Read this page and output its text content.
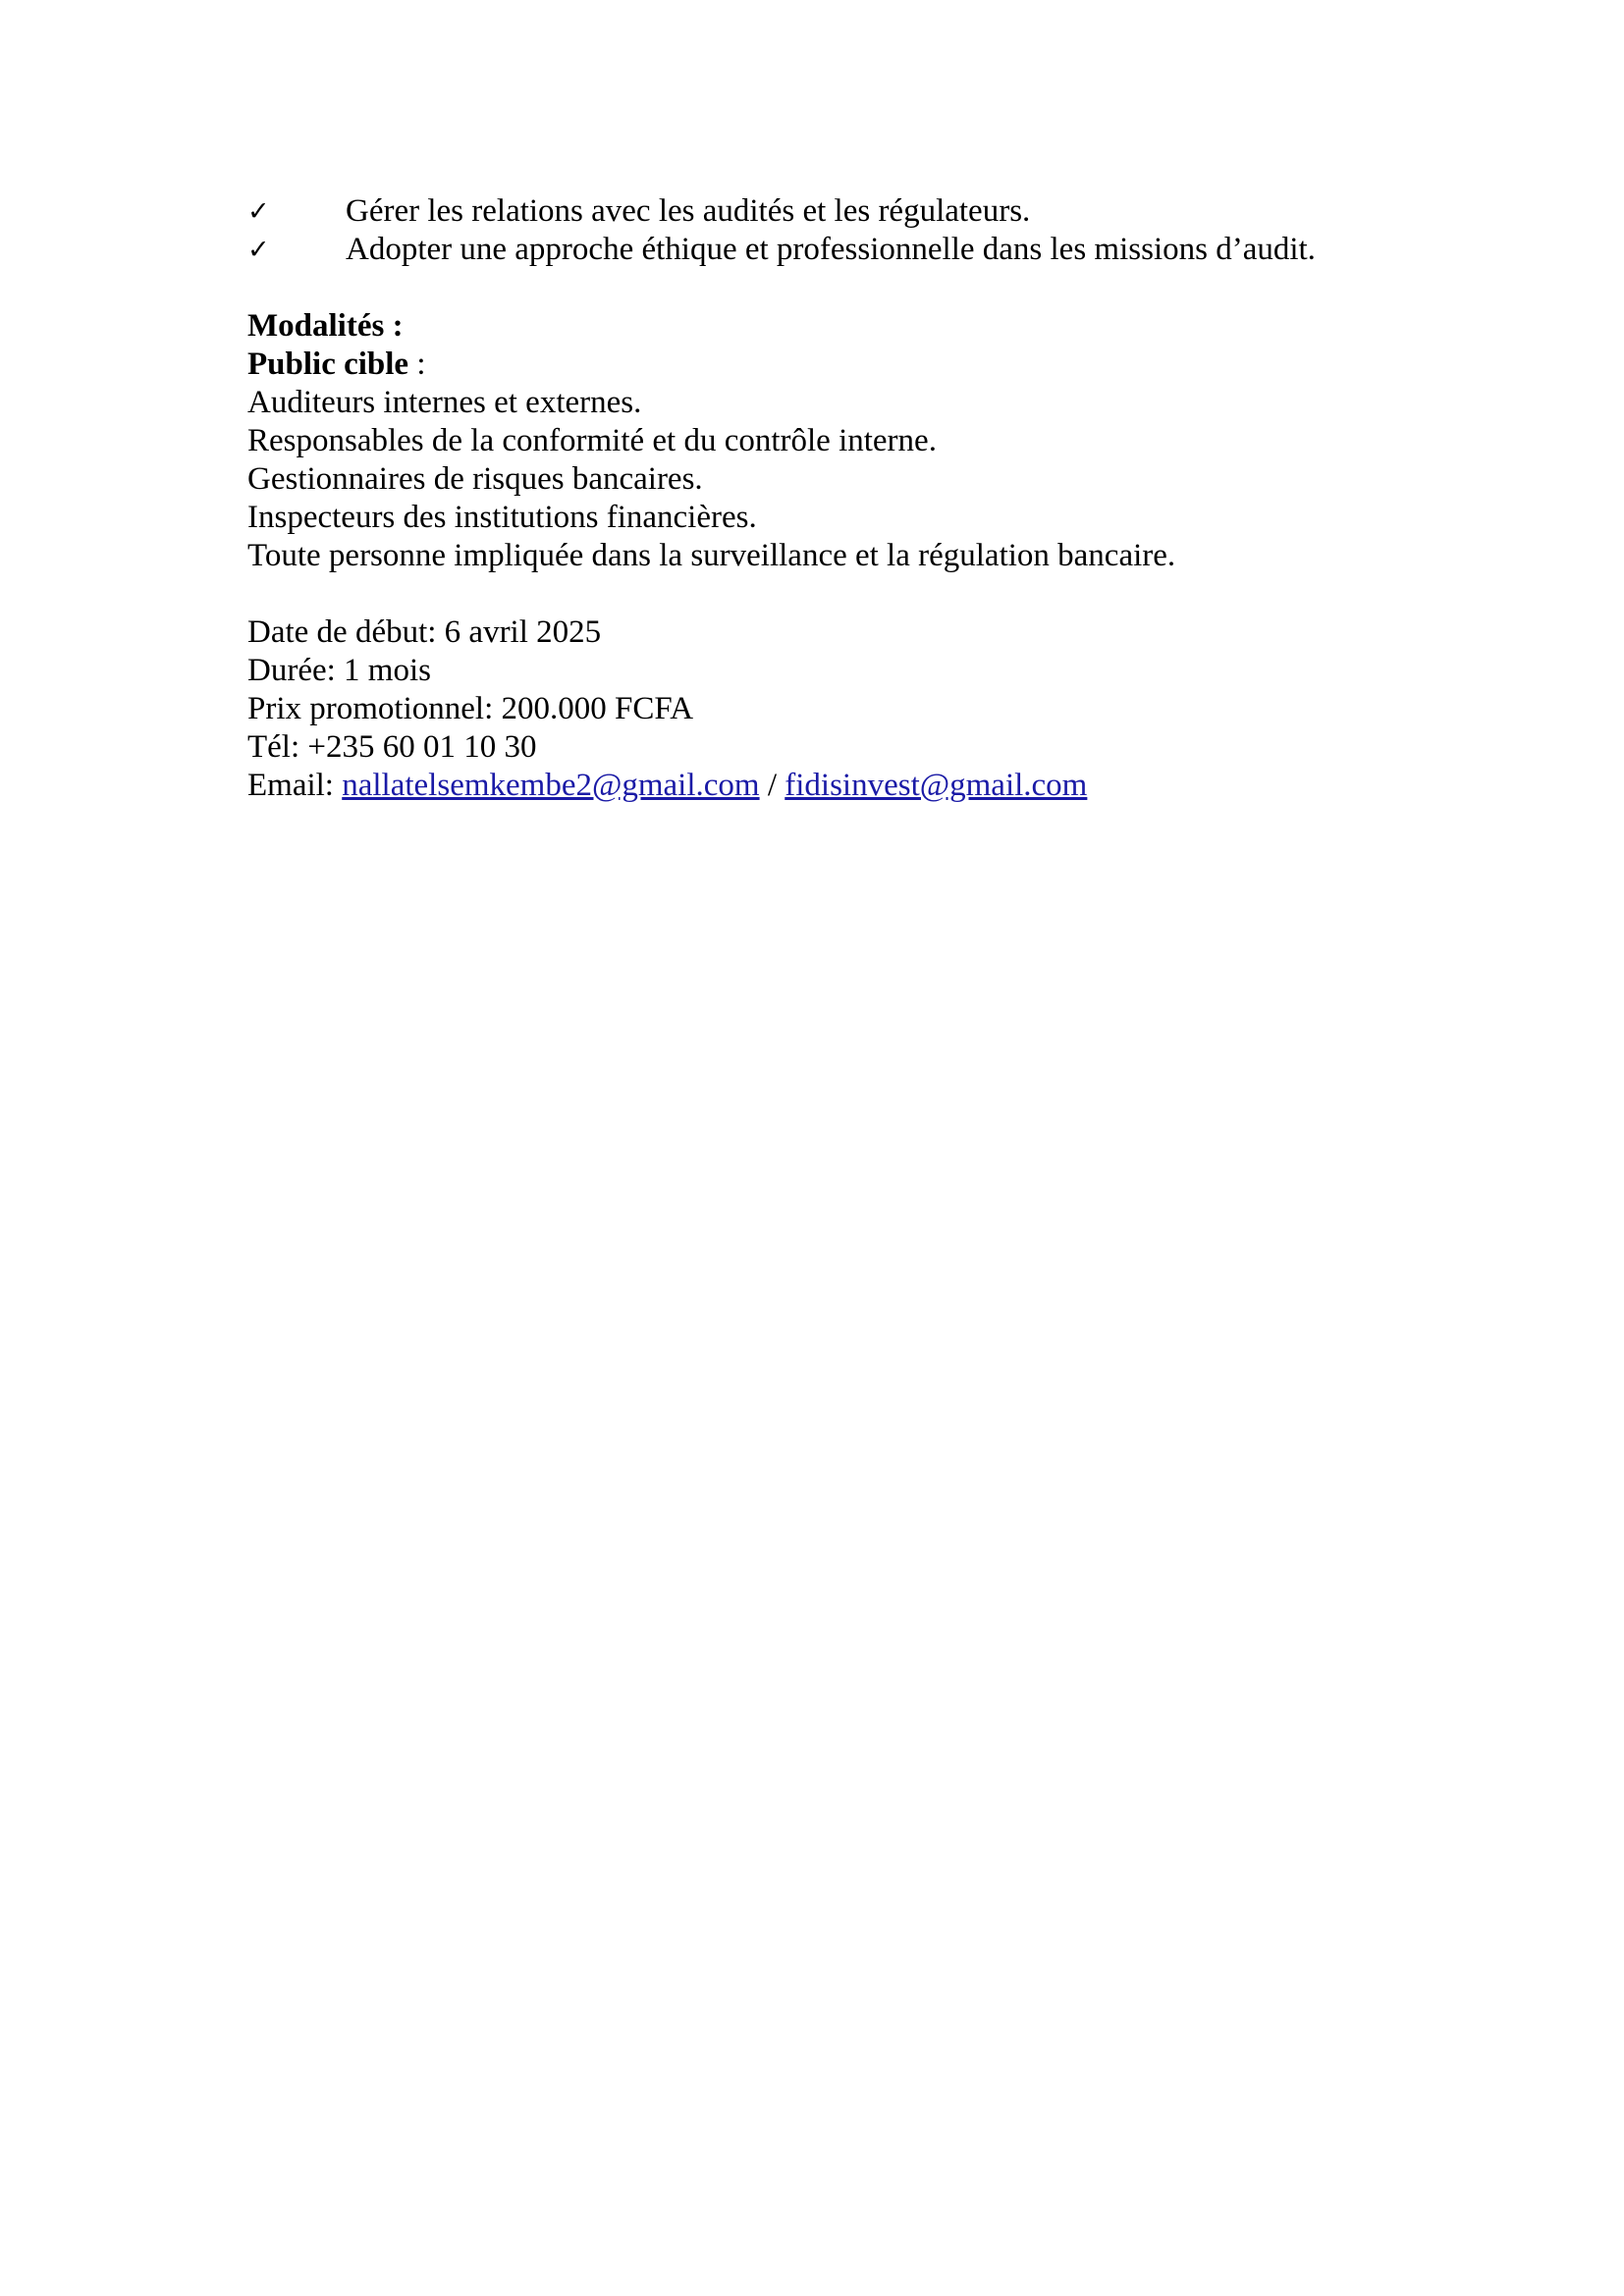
✓ Gérer les relations avec les audités et les régulateurs.
✓ Adopter une approche éthique et professionnelle dans les missions d’audit.

Modalités :

Public cible :

Auditeurs internes et externes.

Responsables de la conformité et du contrôle interne.

Gestionnaires de risques bancaires.

Inspecteurs des institutions financières.

Toute personne impliquée dans la surveillance et la régulation bancaire.

Date de début: 6 avril 2025

Durée: 1 mois

Prix promotionnel: 200.000 FCFA

Tél: +235 60 01 10 30

Email: nallatelsemkembe2@gmail.com / fidisinvest@gmail.com
